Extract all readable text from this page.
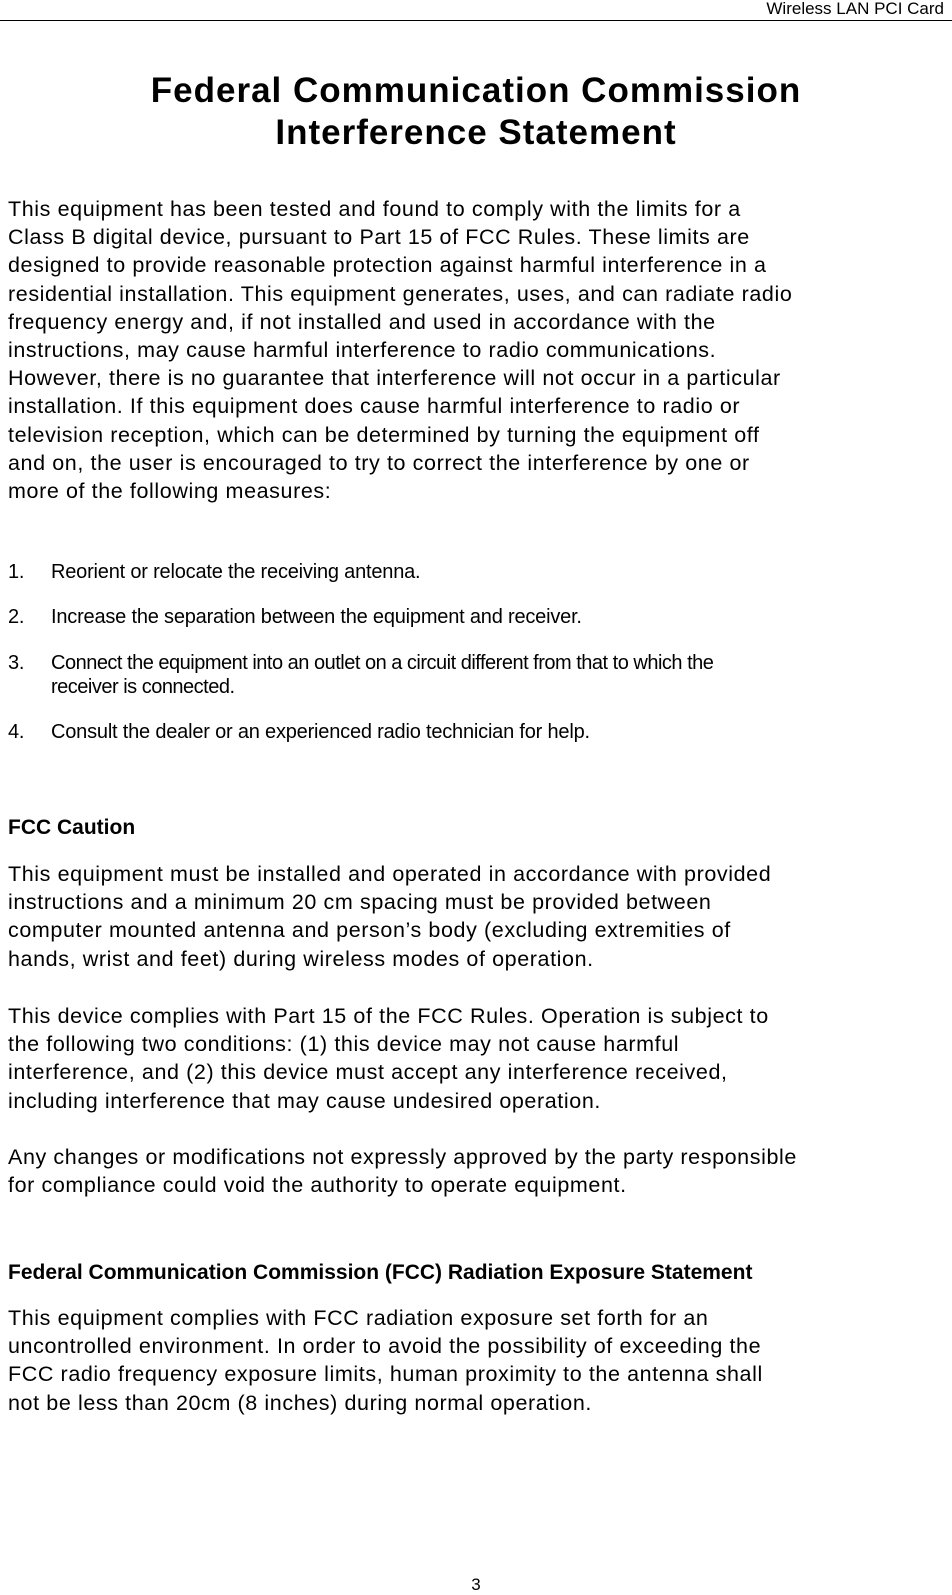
Wireless LAN PCI Card
Federal Communication Commission
Interference Statement

This equipment has been tested and found to comply with the limits for a
Class B digital device, pursuant to Part 15 of FCC Rules. These limits are
designed to provide reasonable protection against harmful interference in a
residential installation. This equipment generates, uses, and can radiate radio
frequency energy and, if not installed and used in accordance with the
instructions, may cause harmful interference to radio communications.
However, there is no guarantee that interference will not occur in a particular
installation. If this equipment does cause harmful interference to radio or
television reception, which can be determined by turning the equipment off
and on, the user is encouraged to try to correct the interference by one or
more of the following measures:

1. Reorient or relocate the receiving antenna.
2. Increase the separation between the equipment and receiver.
3. Connect the equipment into an outlet on a circuit different from that to which the
receiver is connected.
4. Consult the dealer or an experienced radio technician for help.
FCC Caution

This equipment must be installed and operated in accordance with provided
instructions and a minimum 20 cm spacing must be provided between
computer mounted antenna and person’s body (excluding extremities of
hands, wrist and feet) during wireless modes of operation.

This device complies with Part 15 of the FCC Rules. Operation is subject to
the following two conditions: (1) this device may not cause harmful
interference, and (2) this device must accept any interference received,
including interference that may cause undesired operation.

Any changes or modifications not expressly approved by the party responsible
for compliance could void the authority to operate equipment.

Federal Communication Commission (FCC) Radiation Exposure Statement

This equipment complies with FCC radiation exposure set forth for an
uncontrolled environment. In order to avoid the possibility of exceeding the
FCC radio frequency exposure limits, human proximity to the antenna shall
not be less than 20cm (8 inches) during normal operation.

3
